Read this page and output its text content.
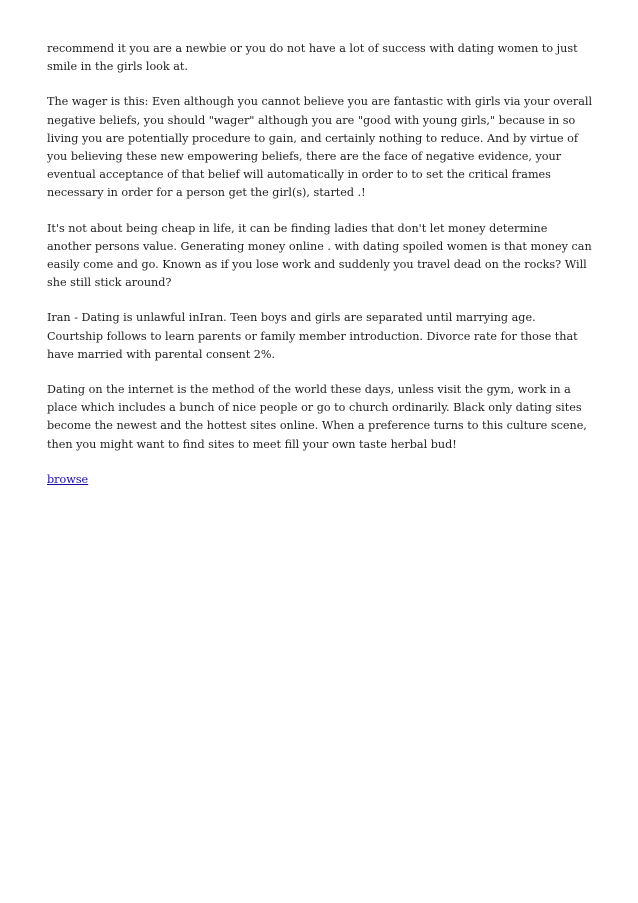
recommend it you are a newbie or you do not have a lot of success with dating women to just smile in the girls look at.

The wager is this: Even although you cannot believe you are fantastic with girls via your overall negative beliefs, you should "wager" although you are "good with young girls," because in so living you are potentially procedure to gain, and certainly nothing to reduce. And by virtue of you believing these new empowering beliefs, there are the face of negative evidence, your eventual acceptance of that belief will automatically in order to to set the critical frames necessary in order for a person get the girl(s), started .!

It's not about being cheap in life, it can be finding ladies that don't let money determine another persons value. Generating money online . with dating spoiled women is that money can easily come and go. Known as if you lose work and suddenly you travel dead on the rocks? Will she still stick around?

Iran - Dating is unlawful inIran. Teen boys and girls are separated until marrying age. Courtship follows to learn parents or family member introduction. Divorce rate for those that have married with parental consent 2%.

Dating on the internet is the method of the world these days, unless visit the gym, work in a place which includes a bunch of nice people or go to church ordinarily. Black only dating sites become the newest and the hottest sites online. When a preference turns to this culture scene, then you might want to find sites to meet fill your own taste herbal bud!

browse
